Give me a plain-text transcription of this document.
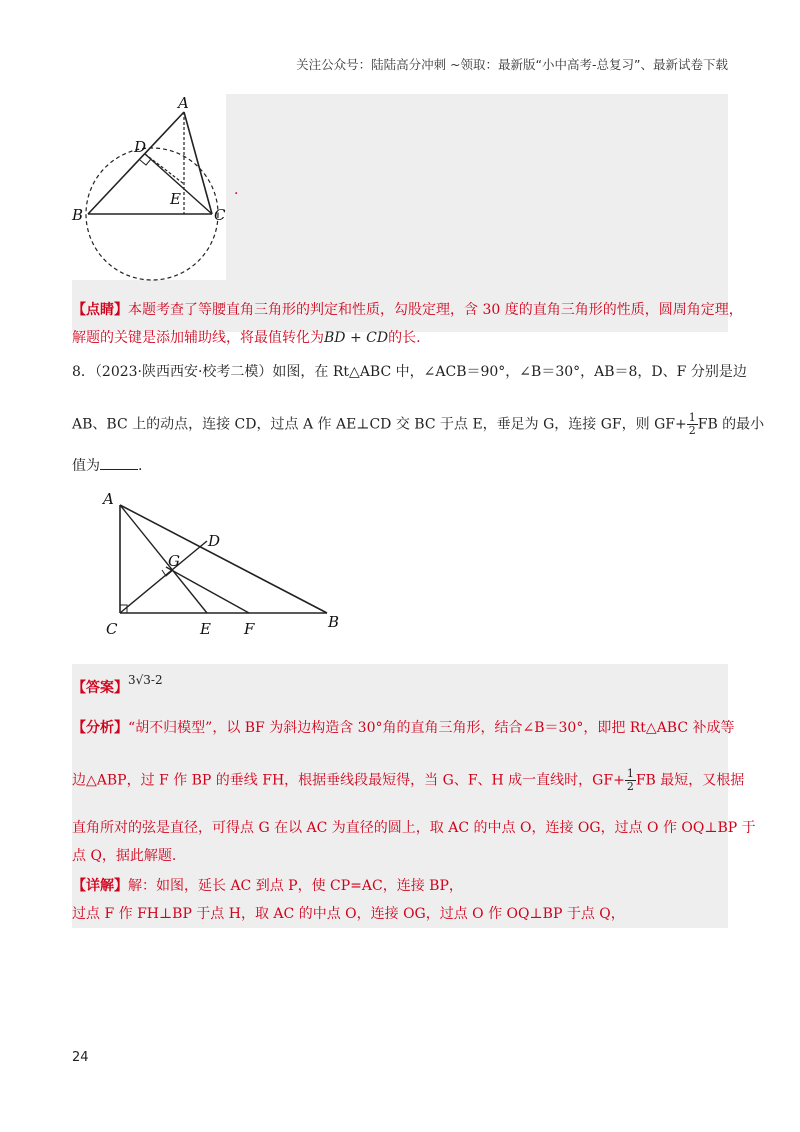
关注公众号：陆陆高分冲刺 ~领取：最新版“小中高考-总复习”、最新试卷下载
A
B	C
D
E	.
【点睛】本题考查了等腰直角三角形的判定和性质，勾股定理，含 30 度的直角三角形的性质，圆周角定理，
解题的关键是添加辅助线，将最值转化为BD + CD的长.
8．（2023·陕西西安·校考二模）如图，在 Rt△ABC 中，∠ACB＝90°，∠B＝30°，AB＝8，D、F 分别是边
AB、BC 上的动点，连接 CD，过点 A 作 AE⊥CD 交 BC 于点 E，垂足为 G，连接 GF，则 $GF+ \frac{1}{2}$ FB 的最小
值为	.
A
B
C
D
E F
G
【答案】3√3-2
【分析】“胡不归模型”，以 BF 为斜边构造含 30°角的直角三角形，结合∠B＝30°，即把 Rt△ABC 补成等
边△ABP，过 F 作 BP 的垂线 FH，根据垂线段最短得，当 G、F、H 成一直线时，$GF+ \frac{1}{2}$ FB 最短，又根据
直角所对的弦是直径，可得点 G 在以 AC 为直径的圆上，取 AC 的中点 O，连接 OG，过点 O 作 OQ⊥BP 于
点 Q，据此解题.
【详解】解：如图，延长 AC 到点 P，使 CP=AC，连接 BP，
过点 F 作 FH⊥BP 于点 H，取 AC 的中点 O，连接 OG，过点 O 作 OQ⊥BP 于点 Q，
24
